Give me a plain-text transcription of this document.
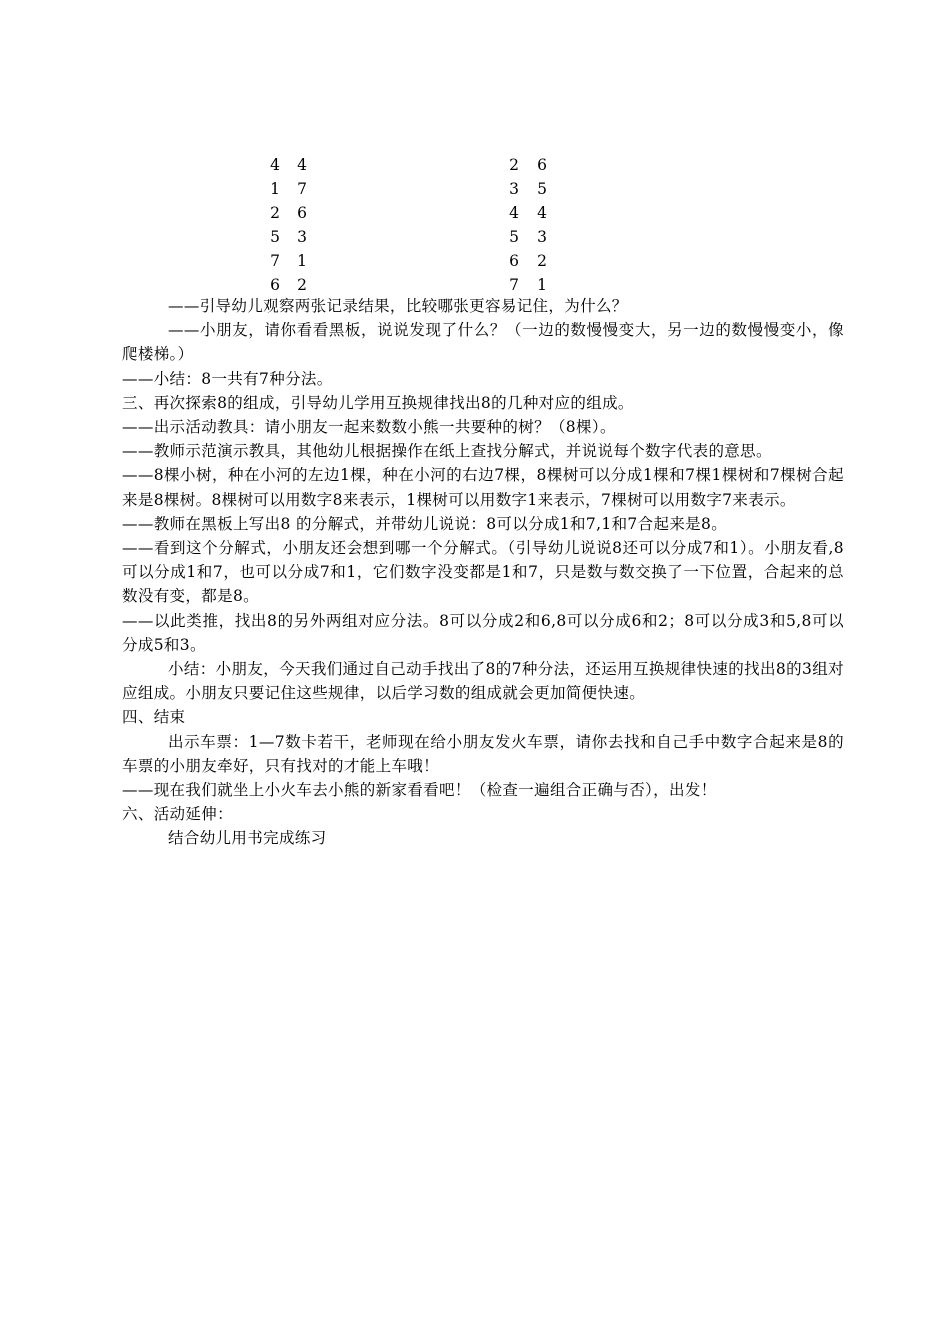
4	4
1	7
2	6
5	3
7	1
6	2
2	6
3	5
4	4
5	3
6	2
7	1

——引导幼儿观察两张记录结果，比较哪张更容易记住，为什么？

——小朋友，请你看看黑板，说说发现了什么？（一边的数慢慢变大，另一边的数慢慢变小，像爬楼梯。）

——小结：8一共有7种分法。

三、再次探索8的组成，引导幼儿学用互换规律找出8的几种对应的组成。

——出示活动教具：请小朋友一起来数数小熊一共要种的树？（8棵）。

——教师示范演示教具，其他幼儿根据操作在纸上查找分解式，并说说每个数字代表的意思。

——8棵小树，种在小河的左边1棵，种在小河的右边7棵，8棵树可以分成1棵和7棵1棵树和7棵树合起来是8棵树。8棵树可以用数字8来表示，1棵树可以用数字1来表示，7棵树可以用数字7来表示。

——教师在黑板上写出8 的分解式，并带幼儿说说：8可以分成1和7,1和7合起来是8。

——看到这个分解式，小朋友还会想到哪一个分解式。（引导幼儿说说8还可以分成7和1）。小朋友看,8可以分成1和7，也可以分成7和1，它们数字没变都是1和7，只是数与数交换了一下位置，合起来的总数没有变，都是8。

——以此类推，找出8的另外两组对应分法。8可以分成2和6,8可以分成6和2；8可以分成3和5,8可以分成5和3。

小结：小朋友，今天我们通过自己动手找出了8的7种分法，还运用互换规律快速的找出8的3组对应组成。小朋友只要记住这些规律，以后学习数的组成就会更加简便快速。

四、结束

出示车票：1—7数卡若干，老师现在给小朋友发火车票，请你去找和自己手中数字合起来是8的车票的小朋友牵好，只有找对的才能上车哦！

——现在我们就坐上小火车去小熊的新家看看吧！（检查一遍组合正确与否），出发！

六、活动延伸：

结合幼儿用书完成练习
